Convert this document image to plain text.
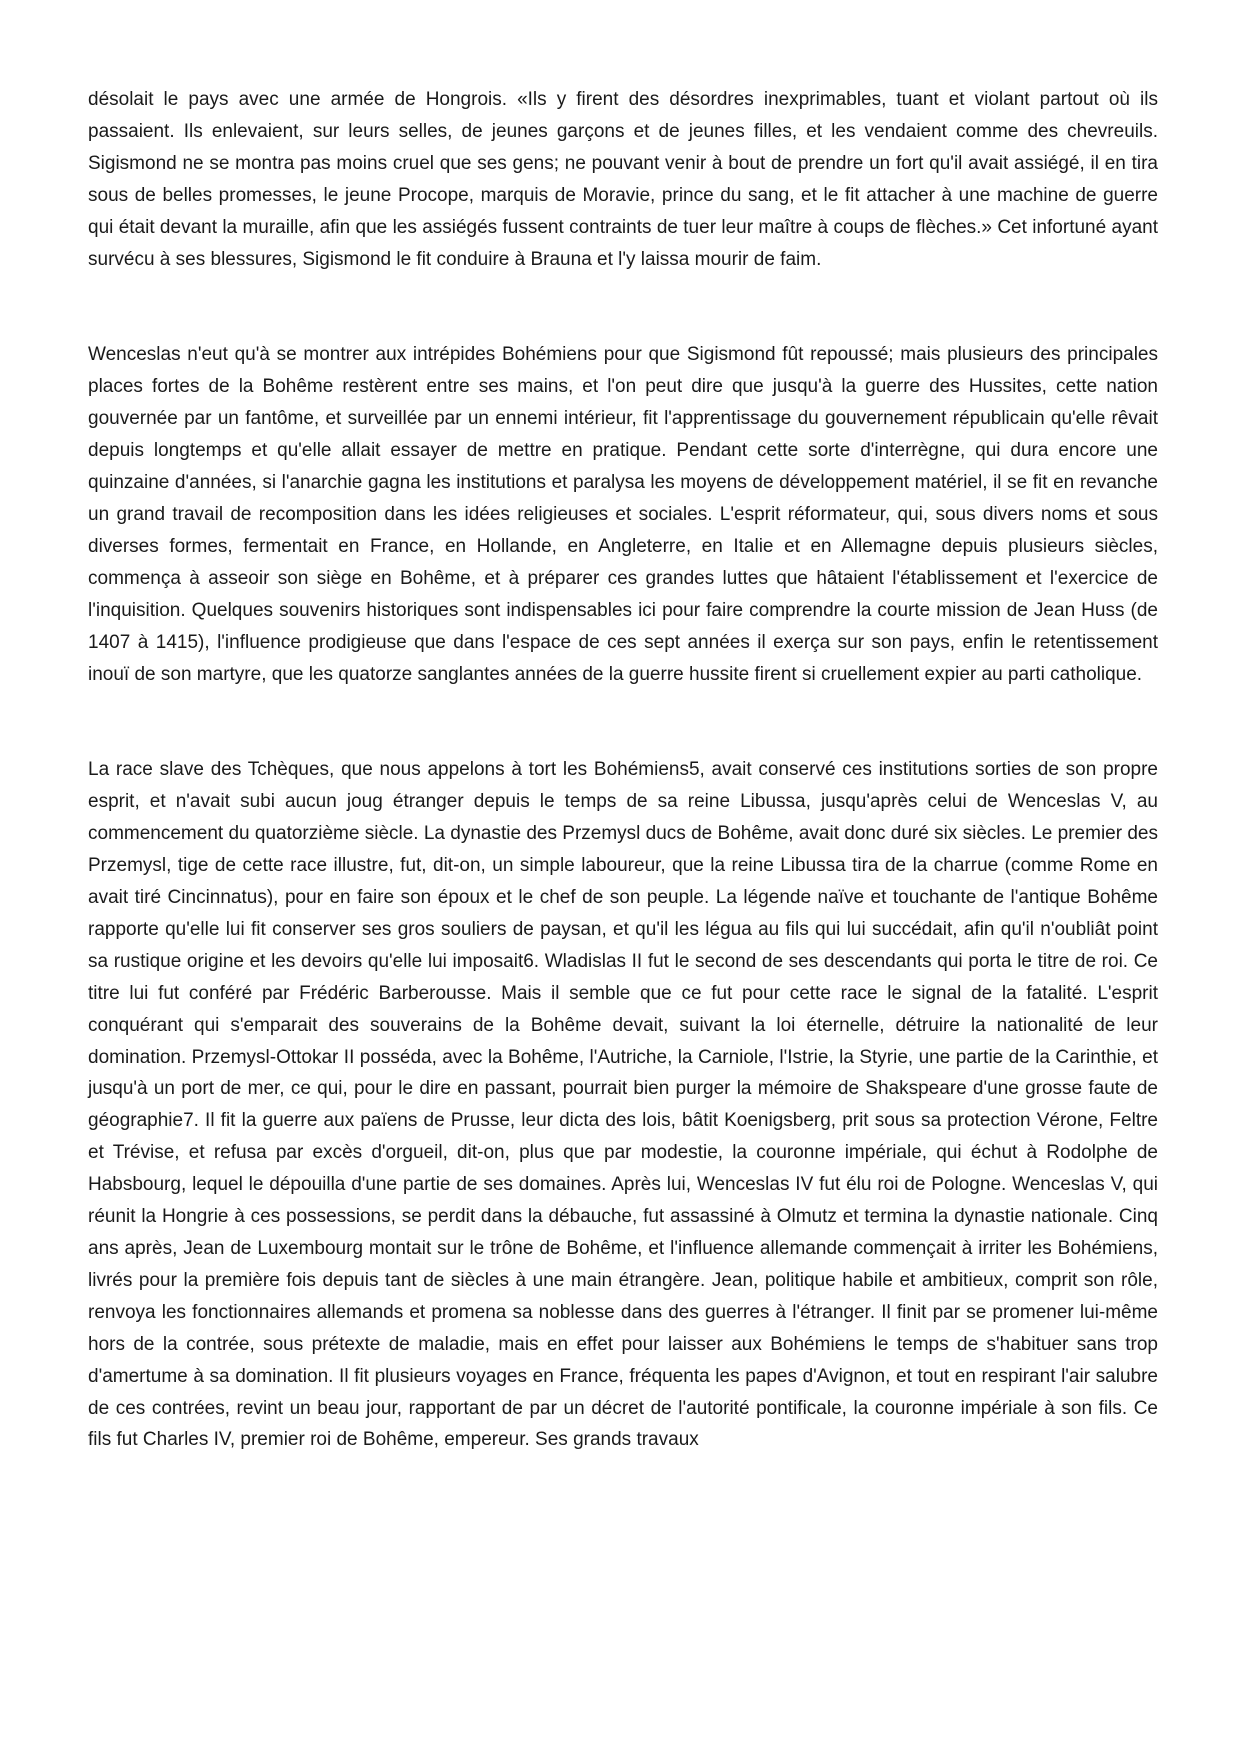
désolait le pays avec une armée de Hongrois. «Ils y firent des désordres inexprimables, tuant et violant partout où ils passaient. Ils enlevaient, sur leurs selles, de jeunes garçons et de jeunes filles, et les vendaient comme des chevreuils. Sigismond ne se montra pas moins cruel que ses gens; ne pouvant venir à bout de prendre un fort qu'il avait assiégé, il en tira sous de belles promesses, le jeune Procope, marquis de Moravie, prince du sang, et le fit attacher à une machine de guerre qui était devant la muraille, afin que les assiégés fussent contraints de tuer leur maître à coups de flèches.» Cet infortuné ayant survécu à ses blessures, Sigismond le fit conduire à Brauna et l'y laissa mourir de faim.

Wenceslas n'eut qu'à se montrer aux intrépides Bohémiens pour que Sigismond fût repoussé; mais plusieurs des principales places fortes de la Bohême restèrent entre ses mains, et l'on peut dire que jusqu'à la guerre des Hussites, cette nation gouvernée par un fantôme, et surveillée par un ennemi intérieur, fit l'apprentissage du gouvernement républicain qu'elle rêvait depuis longtemps et qu'elle allait essayer de mettre en pratique. Pendant cette sorte d'interrègne, qui dura encore une quinzaine d'années, si l'anarchie gagna les institutions et paralysa les moyens de développement matériel, il se fit en revanche un grand travail de recomposition dans les idées religieuses et sociales. L'esprit réformateur, qui, sous divers noms et sous diverses formes, fermentait en France, en Hollande, en Angleterre, en Italie et en Allemagne depuis plusieurs siècles, commença à asseoir son siège en Bohême, et à préparer ces grandes luttes que hâtaient l'établissement et l'exercice de l'inquisition. Quelques souvenirs historiques sont indispensables ici pour faire comprendre la courte mission de Jean Huss (de 1407 à 1415), l'influence prodigieuse que dans l'espace de ces sept années il exerça sur son pays, enfin le retentissement inouï de son martyre, que les quatorze sanglantes années de la guerre hussite firent si cruellement expier au parti catholique.

La race slave des Tchèques, que nous appelons à tort les Bohémiens5, avait conservé ces institutions sorties de son propre esprit, et n'avait subi aucun joug étranger depuis le temps de sa reine Libussa, jusqu'après celui de Wenceslas V, au commencement du quatorzième siècle. La dynastie des Przemysl ducs de Bohême, avait donc duré six siècles. Le premier des Przemysl, tige de cette race illustre, fut, dit-on, un simple laboureur, que la reine Libussa tira de la charrue (comme Rome en avait tiré Cincinnatus), pour en faire son époux et le chef de son peuple. La légende naïve et touchante de l'antique Bohême rapporte qu'elle lui fit conserver ses gros souliers de paysan, et qu'il les légua au fils qui lui succédait, afin qu'il n'oubliât point sa rustique origine et les devoirs qu'elle lui imposait6. Wladislas II fut le second de ses descendants qui porta le titre de roi. Ce titre lui fut conféré par Frédéric Barberousse. Mais il semble que ce fut pour cette race le signal de la fatalité. L'esprit conquérant qui s'emparait des souverains de la Bohême devait, suivant la loi éternelle, détruire la nationalité de leur domination. Przemysl-Ottokar II posséda, avec la Bohême, l'Autriche, la Carniole, l'Istrie, la Styrie, une partie de la Carinthie, et jusqu'à un port de mer, ce qui, pour le dire en passant, pourrait bien purger la mémoire de Shakspeare d'une grosse faute de géographie7. Il fit la guerre aux païens de Prusse, leur dicta des lois, bâtit Koenigsberg, prit sous sa protection Vérone, Feltre et Trévise, et refusa par excès d'orgueil, dit-on, plus que par modestie, la couronne impériale, qui échut à Rodolphe de Habsbourg, lequel le dépouilla d'une partie de ses domaines. Après lui, Wenceslas IV fut élu roi de Pologne. Wenceslas V, qui réunit la Hongrie à ces possessions, se perdit dans la débauche, fut assassiné à Olmutz et termina la dynastie nationale. Cinq ans après, Jean de Luxembourg montait sur le trône de Bohême, et l'influence allemande commençait à irriter les Bohémiens, livrés pour la première fois depuis tant de siècles à une main étrangère. Jean, politique habile et ambitieux, comprit son rôle, renvoya les fonctionnaires allemands et promena sa noblesse dans des guerres à l'étranger. Il finit par se promener lui-même hors de la contrée, sous prétexte de maladie, mais en effet pour laisser aux Bohémiens le temps de s'habituer sans trop d'amertume à sa domination. Il fit plusieurs voyages en France, fréquenta les papes d'Avignon, et tout en respirant l'air salubre de ces contrées, revint un beau jour, rapportant de par un décret de l'autorité pontificale, la couronne impériale à son fils. Ce fils fut Charles IV, premier roi de Bohême, empereur. Ses grands travaux
